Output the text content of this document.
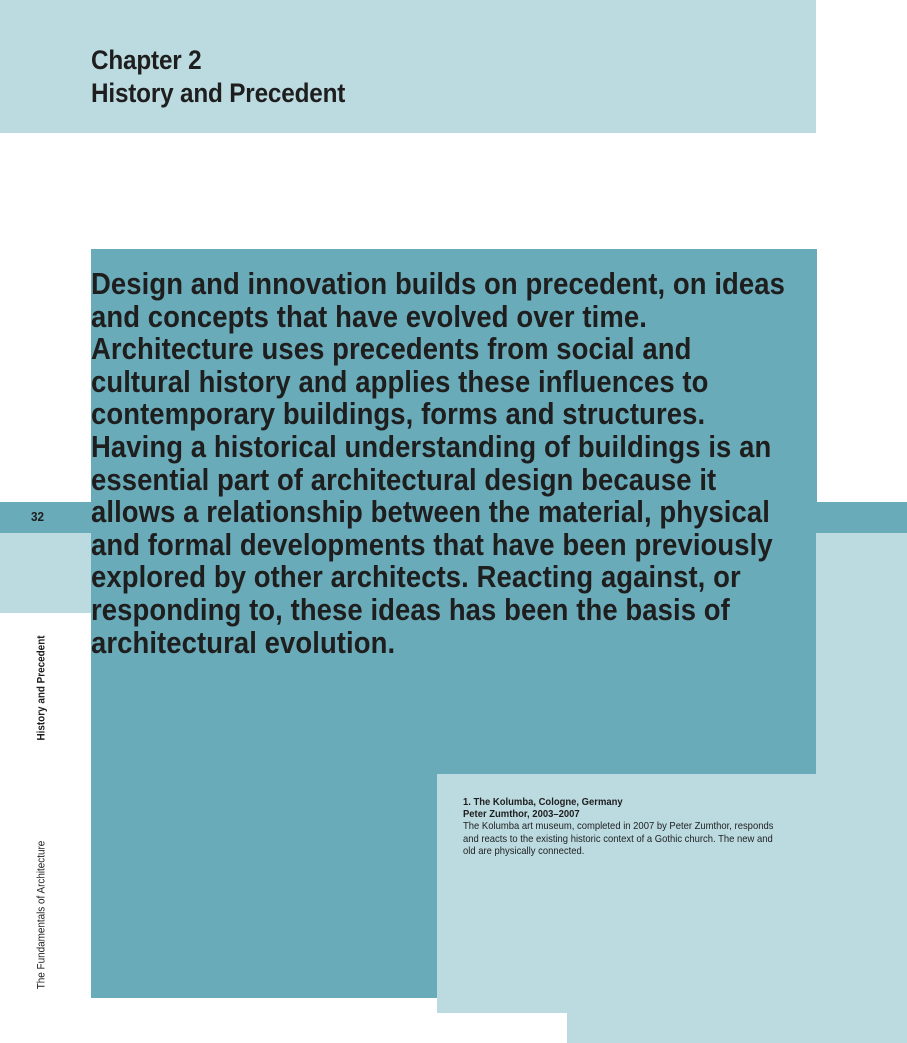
Chapter 2
History and Precedent

Design and innovation builds on precedent, on ideas and concepts that have evolved over time. Architecture uses precedents from social and cultural history and applies these influences to contemporary buildings, forms and structures. Having a historical understanding of buildings is an essential part of architectural design because it allows a relationship between the material, physical and formal developments that have been previously explored by other architects. Reacting against, or responding to, these ideas has been the basis of architectural evolution.

32

History and Precedent

The Fundamentals of Architecture

1. The Kolumba, Cologne, Germany
Peter Zumthor, 2003–2007
The Kolumba art museum, completed in 2007 by Peter Zumthor, responds and reacts to the existing historic context of a Gothic church. The new and old are physically connected.
